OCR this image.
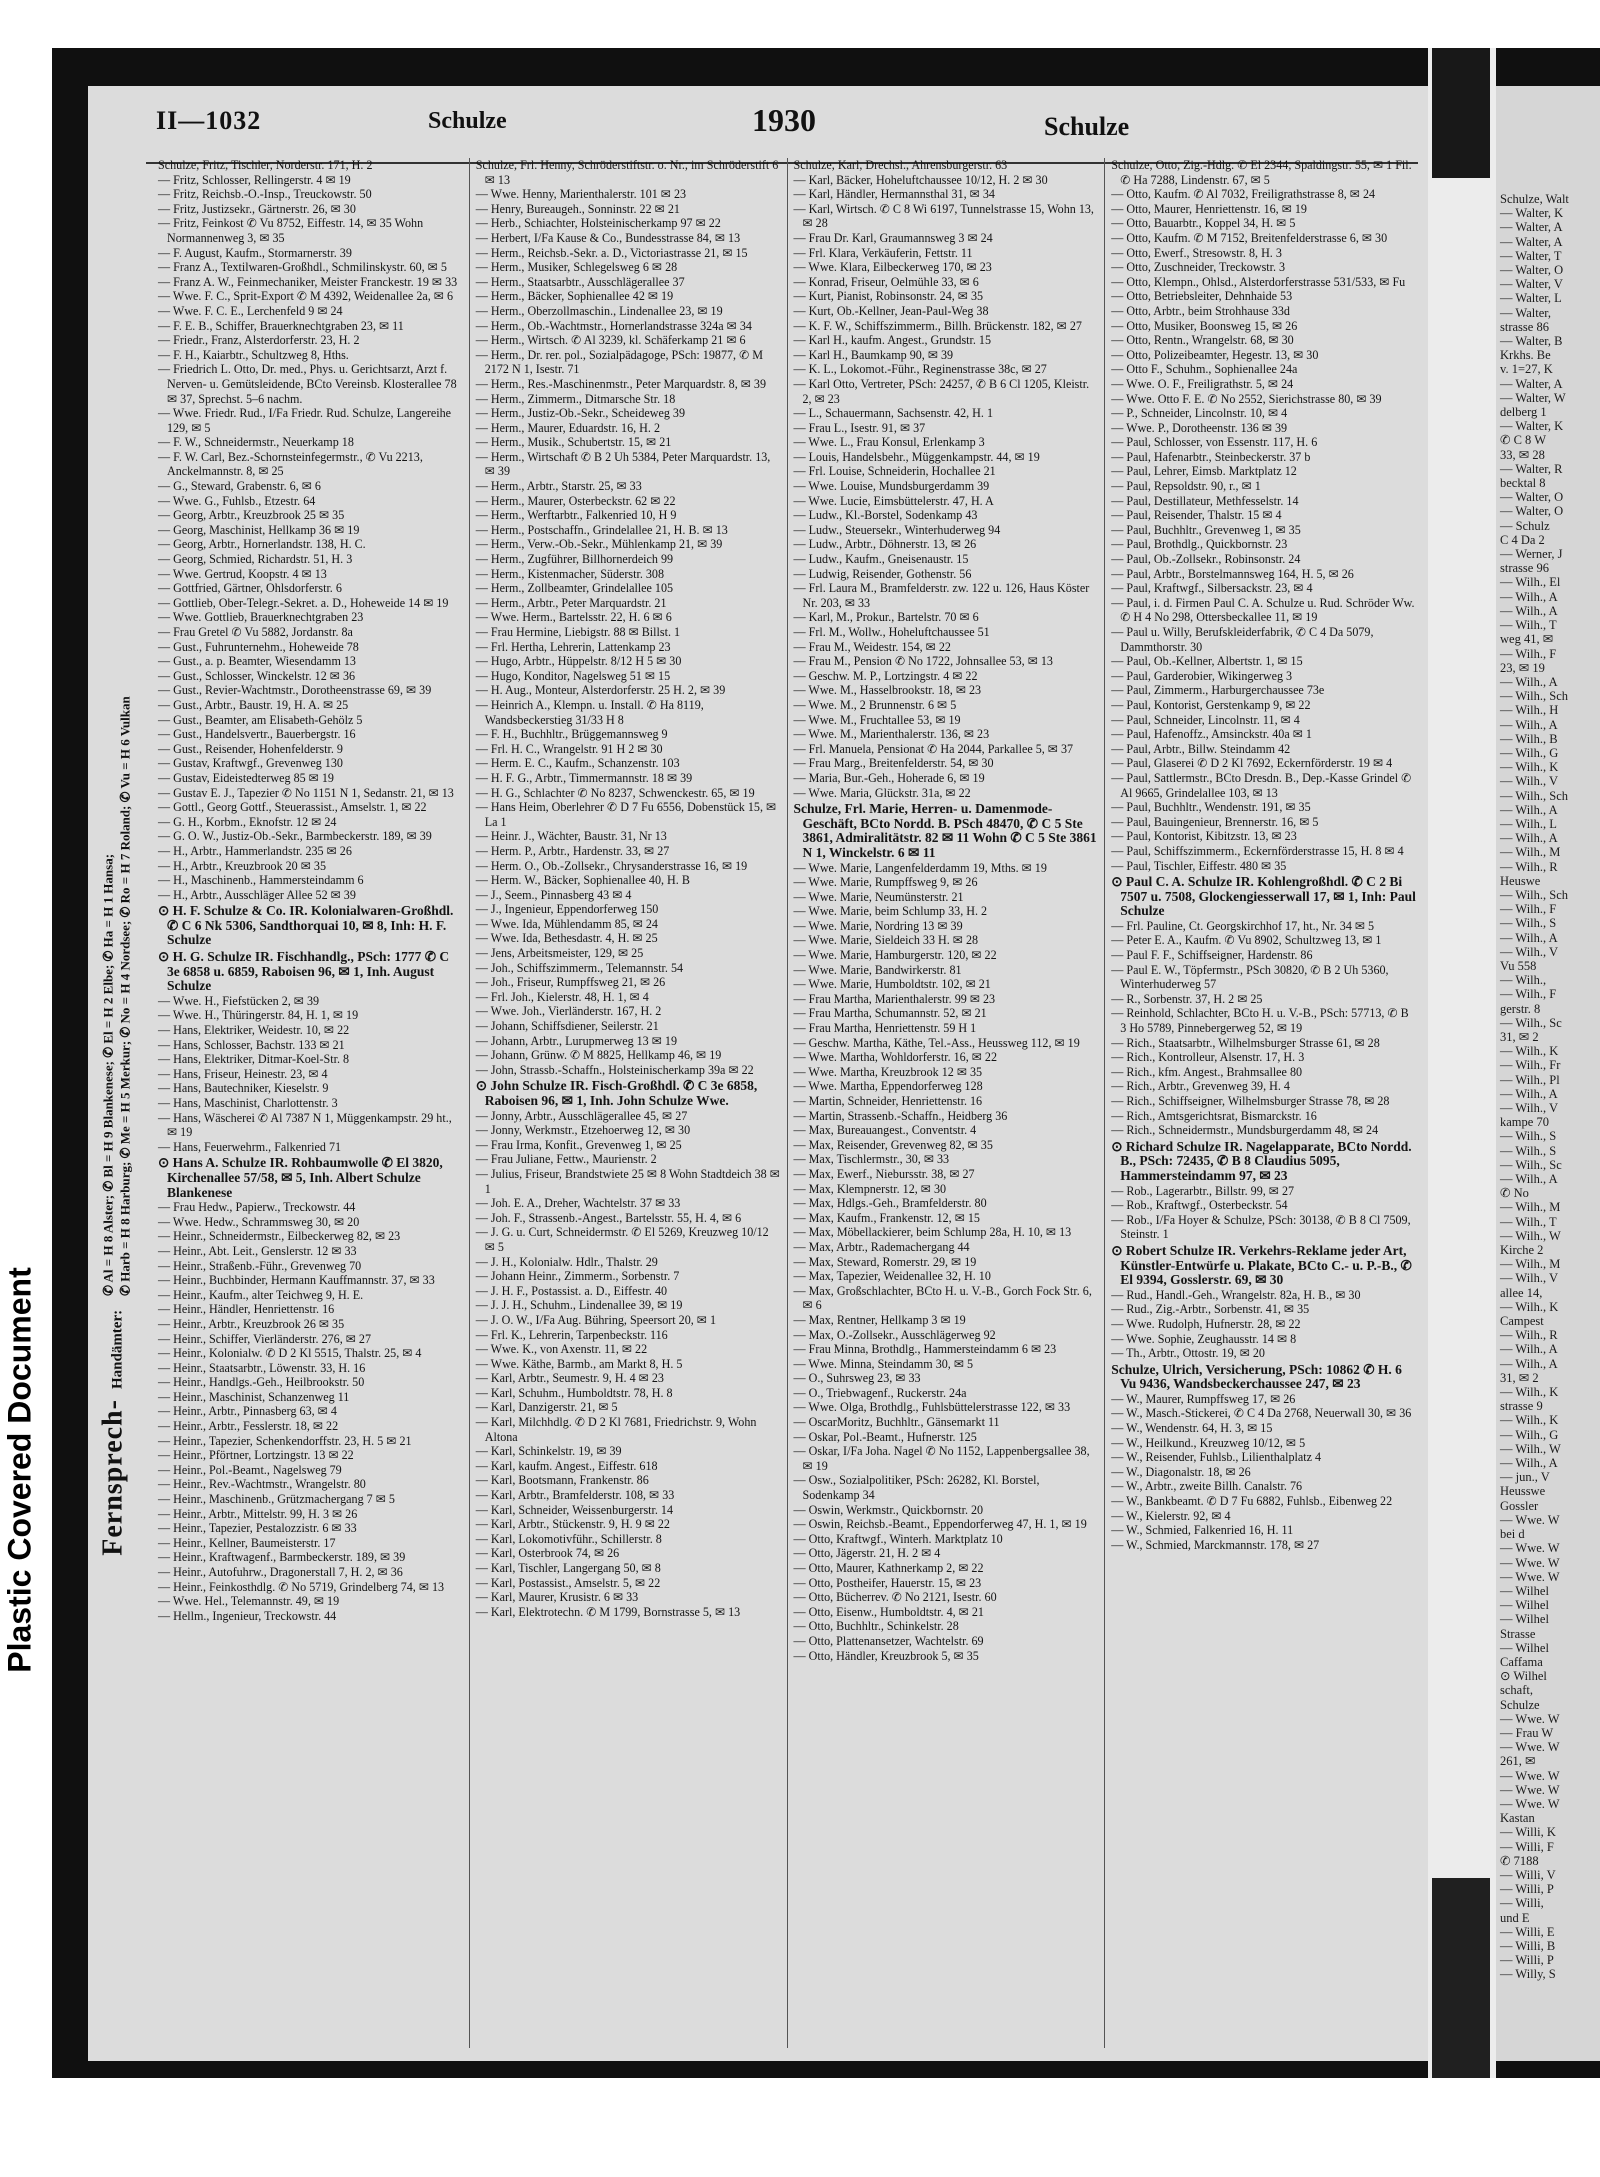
Plastic Covered Document
II—1032	Schulze	1930	Schulze
Fernsprech- Handämter:
✆ Al = H 8 Alster; ✆ Bl = H 9 Blankenese; ✆ El = H 2 Elbe; ✆ Ha = H 1 Hansa; ✆ Harb = H 8 Harburg; ✆ Me = H 5 Merkur; ✆ No = H 4 Nordsee; ✆ Ro = H 7 Roland; ✆ Vu = H 6 Vulkan

Schulze, Fritz, Tischler, Norderstr. 171, H. 2

— Fritz, Schlosser, Rellingerstr. 4 ✉ 19

— Fritz, Reichsb.-O.-Insp., Treuckowstr. 50

— Fritz, Justizsekr., Gärtnerstr. 26, ✉ 30

— Fritz, Feinkost ✆ Vu 8752, Eiffestr. 14, ✉ 35 Wohn Normannenweg 3, ✉ 35

— F. August, Kaufm., Stormarnerstr. 39

— Franz A., Textilwaren-Großhdl., Schmilinskystr. 60, ✉ 5

— Franz A. W., Feinmechaniker, Meister Franckestr. 19 ✉ 33

— Wwe. F. C., Sprit-Export ✆ M 4392, Weidenallee 2a, ✉ 6

— Wwe. F. C. E., Lerchenfeld 9 ✉ 24

— F. E. B., Schiffer, Brauerknechtgraben 23, ✉ 11

— Friedr., Franz, Alsterdorferstr. 23, H. 2

— F. H., Kaiarbtr., Schultzweg 8, Hths.

— Friedrich L. Otto, Dr. med., Phys. u. Gerichtsarzt, Arzt f. Nerven- u. Gemütsleidende, BCto Vereinsb. Klosterallee 78 ✉ 37, Sprechst. 5–6 nachm.

— Wwe. Friedr. Rud., I/Fa Friedr. Rud. Schulze, Langereihe 129, ✉ 5

— F. W., Schneidermstr., Neuerkamp 18

— F. W. Carl, Bez.-Schornsteinfegermstr., ✆ Vu 2213, Anckelmannstr. 8, ✉ 25

— G., Steward, Grabenstr. 6, ✉ 6

— Wwe. G., Fuhlsb., Etzestr. 64

— Georg, Arbtr., Kreuzbrook 25 ✉ 35

— Georg, Maschinist, Hellkamp 36 ✉ 19

— Georg, Arbtr., Hornerlandstr. 138, H. C.

— Georg, Schmied, Richardstr. 51, H. 3

— Wwe. Gertrud, Koopstr. 4 ✉ 13

— Gottfried, Gärtner, Ohlsdorferstr. 6

— Gottlieb, Ober-Telegr.-Sekret. a. D., Hoheweide 14 ✉ 19

— Wwe. Gottlieb, Brauerknechtgraben 23

— Frau Gretel ✆ Vu 5882, Jordanstr. 8a

— Gust., Fuhrunternehm., Hoheweide 78

— Gust., a. p. Beamter, Wiesendamm 13

— Gust., Schlosser, Winckelstr. 12 ✉ 36

— Gust., Revier-Wachtmstr., Dorotheenstrasse 69, ✉ 39

— Gust., Arbtr., Baustr. 19, H. A. ✉ 25

— Gust., Beamter, am Elisabeth-Gehölz 5

— Gust., Handelsvertr., Bauerbergstr. 16

— Gust., Reisender, Hohenfelderstr. 9

— Gustav, Kraftwgf., Grevenweg 130

— Gustav, Eideistedterweg 85 ✉ 19

— Gustav E. J., Tapezier ✆ No 1151 N 1, Sedanstr. 21, ✉ 13

— Gottl., Georg Gottf., Steuerassist., Amselstr. 1, ✉ 22

— G. H., Korbm., Eknofstr. 12 ✉ 24

— G. O. W., Justiz-Ob.-Sekr., Barmbeckerstr. 189, ✉ 39

— H., Arbtr., Hammerlandstr. 235 ✉ 26

— H., Arbtr., Kreuzbrook 20 ✉ 35

— H., Maschinenb., Hammersteindamm 6

— H., Arbtr., Ausschläger Allee 52 ✉ 39

⊙ H. F. Schulze & Co. IR. Kolonialwaren-Großhdl. ✆ C 6 Nk 5306, Sandthorquai 10, ✉ 8, Inh: H. F. Schulze

⊙ H. G. Schulze IR. Fischhandlg., PSch: 1777 ✆ C 3e 6858 u. 6859, Raboisen 96, ✉ 1, Inh. August Schulze

— Wwe. H., Fiefstücken 2, ✉ 39

— Wwe. H., Thüringerstr. 84, H. 1, ✉ 19

— Hans, Elektriker, Weidestr. 10, ✉ 22

— Hans, Schlosser, Bachstr. 133 ✉ 21

— Hans, Elektriker, Ditmar-Koel-Str. 8

— Hans, Friseur, Heinestr. 23, ✉ 4

— Hans, Bautechniker, Kieselstr. 9

— Hans, Maschinist, Charlottenstr. 3

— Hans, Wäscherei ✆ Al 7387 N 1, Müggenkampstr. 29 ht., ✉ 19

— Hans, Feuerwehrm., Falkenried 71

⊙ Hans A. Schulze IR. Rohbaumwolle ✆ El 3820, Kirchenallee 57/58, ✉ 5, Inh. Albert Schulze Blankenese

— Frau Hedw., Papierw., Treckowstr. 44

— Wwe. Hedw., Schrammsweg 30, ✉ 20

— Heinr., Schneidermstr., Eilbeckerweg 82, ✉ 23

— Heinr., Abt. Leit., Genslerstr. 12 ✉ 33

— Heinr., Straßenb.-Führ., Grevenweg 70

— Heinr., Buchbinder, Hermann Kauffmannstr. 37, ✉ 33

— Heinr., Kaufm., alter Teichweg 9, H. E.

— Heinr., Händler, Henriettenstr. 16

— Heinr., Arbtr., Kreuzbrook 26 ✉ 35

— Heinr., Schiffer, Vierländerstr. 276, ✉ 27

— Heinr., Kolonialw. ✆ D 2 Kl 5515, Thalstr. 25, ✉ 4

— Heinr., Staatsarbtr., Löwenstr. 33, H. 16

— Heinr., Handlgs.-Geh., Heilbrookstr. 50

— Heinr., Maschinist, Schanzenweg 11

— Heinr., Arbtr., Pinnasberg 63, ✉ 4

— Heinr., Arbtr., Fesslerstr. 18, ✉ 22

— Heinr., Tapezier, Schenkendorffstr. 23, H. 5 ✉ 21

— Heinr., Pförtner, Lortzingstr. 13 ✉ 22

— Heinr., Pol.-Beamt., Nagelsweg 79

— Heinr., Rev.-Wachtmstr., Wrangelstr. 80

— Heinr., Maschinenb., Grützmachergang 7 ✉ 5

— Heinr., Arbtr., Mittelstr. 99, H. 3 ✉ 26

— Heinr., Tapezier, Pestalozzistr. 6 ✉ 33

— Heinr., Kellner, Baumeisterstr. 17

— Heinr., Kraftwagenf., Barmbeckerstr. 189, ✉ 39

— Heinr., Autofuhrw., Dragonerstall 7, H. 2, ✉ 36

— Heinr., Feinkosthdlg. ✆ No 5719, Grindelberg 74, ✉ 13

— Wwe. Hel., Telemannstr. 49, ✉ 19

— Hellm., Ingenieur, Treckowstr. 44

Schulze, Frl. Henny, Schröderstiftstr. o. Nr., im Schröderstift 6 ✉ 13

— Wwe. Henny, Marienthalerstr. 101 ✉ 23

— Henry, Bureaugeh., Sonninstr. 22 ✉ 21

— Herb., Schiachter, Holsteinischerkamp 97 ✉ 22

— Herbert, I/Fa Kause & Co., Bundesstrasse 84, ✉ 13

— Herm., Reichsb.-Sekr. a. D., Victoriastrasse 21, ✉ 15

— Herm., Musiker, Schlegelsweg 6 ✉ 28

— Herm., Staatsarbtr., Ausschlägerallee 37

— Herm., Bäcker, Sophienallee 42 ✉ 19

— Herm., Oberzollmaschin., Lindenallee 23, ✉ 19

— Herm., Ob.-Wachtmstr., Hornerlandstrasse 324a ✉ 34

— Herm., Wirtsch. ✆ Al 3239, kl. Schäferkamp 21 ✉ 6

— Herm., Dr. rer. pol., Sozialpädagoge, PSch: 19877, ✆ M 2172 N 1, Isestr. 71

— Herm., Res.-Maschinenmstr., Peter Marquardstr. 8, ✉ 39

— Herm., Zimmerm., Ditmarsche Str. 18

— Herm., Justiz-Ob.-Sekr., Scheideweg 39

— Herm., Maurer, Eduardstr. 16, H. 2

— Herm., Musik., Schubertstr. 15, ✉ 21

— Herm., Wirtschaft ✆ B 2 Uh 5384, Peter Marquardstr. 13, ✉ 39

— Herm., Arbtr., Starstr. 25, ✉ 33

— Herm., Maurer, Osterbeckstr. 62 ✉ 22

— Herm., Werftarbtr., Falkenried 10, H 9

— Herm., Postschaffn., Grindelallee 21, H. B. ✉ 13

— Herm., Verw.-Ob.-Sekr., Mühlenkamp 21, ✉ 39

— Herm., Zugführer, Billhornerdeich 99

— Herm., Kistenmacher, Süderstr. 308

— Herm., Zollbeamter, Grindelallee 105

— Herm., Arbtr., Peter Marquardstr. 21

— Wwe. Herm., Bartelsstr. 22, H. 6 ✉ 6

— Frau Hermine, Liebigstr. 88 ✉ Billst. 1

— Frl. Hertha, Lehrerin, Lattenkamp 23

— Hugo, Arbtr., Hüppelstr. 8/12 H 5 ✉ 30

— Hugo, Konditor, Nagelsweg 51 ✉ 15

— H. Aug., Monteur, Alsterdorferstr. 25 H. 2, ✉ 39

— Heinrich A., Klempn. u. Install. ✆ Ha 8119, Wandsbeckerstieg 31/33 H 8

— F. H., Buchhltr., Brüggemannsweg 9

— Frl. H. C., Wrangelstr. 91 H 2 ✉ 30

— Herm. E. C., Kaufm., Schanzenstr. 103

— H. F. G., Arbtr., Timmermannstr. 18 ✉ 39

— H. G., Schlachter ✆ No 8237, Schwenckestr. 65, ✉ 19

— Hans Heim, Oberlehrer ✆ D 7 Fu 6556, Dobenstück 15, ✉ La 1

— Heinr. J., Wächter, Baustr. 31, Nr 13

— Herm. P., Arbtr., Hardenstr. 33, ✉ 27

— Herm. O., Ob.-Zollsekr., Chrysanderstrasse 16, ✉ 19

— Herm. W., Bäcker, Sophienallee 40, H. B

— J., Seem., Pinnasberg 43 ✉ 4

— J., Ingenieur, Eppendorferweg 150

— Wwe. Ida, Mühlendamm 85, ✉ 24

— Wwe. Ida, Bethesdastr. 4, H. ✉ 25

— Jens, Arbeitsmeister, 129, ✉ 25

— Joh., Schiffszimmerm., Telemannstr. 54

— Joh., Friseur, Rumpffsweg 21, ✉ 26

— Frl. Joh., Kielerstr. 48, H. 1, ✉ 4

— Wwe. Joh., Vierländerstr. 167, H. 2

— Johann, Schiffsdiener, Seilerstr. 21

— Johann, Arbtr., Lurupmerweg 13 ✉ 19

— Johann, Grünw. ✆ M 8825, Hellkamp 46, ✉ 19

— John, Strassb.-Schaffn., Holsteinischerkamp 39a ✉ 22

⊙ John Schulze IR. Fisch-Großhdl. ✆ C 3e 6858, Raboisen 96, ✉ 1, Inh. John Schulze Wwe.

— Jonny, Arbtr., Ausschlägerallee 45, ✉ 27

— Jonny, Werkmstr., Etzehoerweg 12, ✉ 30

— Frau Irma, Konfit., Grevenweg 1, ✉ 25

— Frau Juliane, Fettw., Maurienstr. 2

— Julius, Friseur, Brandstwiete 25 ✉ 8 Wohn Stadtdeich 38 ✉ 1

— Joh. E. A., Dreher, Wachtelstr. 37 ✉ 33

— Joh. F., Strassenb.-Angest., Bartelsstr. 55, H. 4, ✉ 6

— J. G. u. Curt, Schneidermstr. ✆ El 5269, Kreuzweg 10/12 ✉ 5

— J. H., Kolonialw. Hdlr., Thalstr. 29

— Johann Heinr., Zimmerm., Sorbenstr. 7

— J. H. F., Postassist. a. D., Eiffestr. 40

— J. J. H., Schuhm., Lindenallee 39, ✉ 19

— J. O. W., I/Fa Aug. Bühring, Speersort 20, ✉ 1

— Frl. K., Lehrerin, Tarpenbeckstr. 116

— Wwe. K., von Axenstr. 11, ✉ 22

— Wwe. Käthe, Barmb., am Markt 8, H. 5

— Karl, Arbtr., Seumestr. 9, H. 4 ✉ 23

— Karl, Schuhm., Humboldtstr. 78, H. 8

— Karl, Danzigerstr. 21, ✉ 5

— Karl, Milchhdlg. ✆ D 2 Kl 7681, Friedrichstr. 9, Wohn Altona

— Karl, Schinkelstr. 19, ✉ 39

— Karl, kaufm. Angest., Eiffestr. 618

— Karl, Bootsmann, Frankenstr. 86

— Karl, Arbtr., Bramfelderstr. 108, ✉ 33

— Karl, Schneider, Weissenburgerstr. 14

— Karl, Arbtr., Stückenstr. 9, H. 9 ✉ 22

— Karl, Lokomotivführ., Schillerstr. 8

— Karl, Osterbrook 74, ✉ 26

— Karl, Tischler, Langergang 50, ✉ 8

— Karl, Postassist., Amselstr. 5, ✉ 22

— Karl, Maurer, Krusistr. 6 ✉ 33

— Karl, Elektrotechn. ✆ M 1799, Bornstrasse 5, ✉ 13

Schulze, Karl, Drechsl., Ahrensburgerstr. 63

— Karl, Bäcker, Hoheluftchaussee 10/12, H. 2 ✉ 30

— Karl, Händler, Hermannsthal 31, ✉ 34

— Karl, Wirtsch. ✆ C 8 Wi 6197, Tunnelstrasse 15, Wohn 13, ✉ 28

— Frau Dr. Karl, Graumannsweg 3 ✉ 24

— Frl. Klara, Verkäuferin, Fettstr. 11

— Wwe. Klara, Eilbeckerweg 170, ✉ 23

— Konrad, Friseur, Oelmühle 33, ✉ 6

— Kurt, Pianist, Robinsonstr. 24, ✉ 35

— Kurt, Ob.-Kellner, Jean-Paul-Weg 38

— K. F. W., Schiffszimmerm., Billh. Brückenstr. 182, ✉ 27

— Karl H., kaufm. Angest., Grundstr. 15

— Karl H., Baumkamp 90, ✉ 39

— K. L., Lokomot.-Führ., Reginenstrasse 38c, ✉ 27

— Karl Otto, Vertreter, PSch: 24257, ✆ B 6 Cl 1205, Kleistr. 2, ✉ 23

— L., Schauermann, Sachsenstr. 42, H. 1

— Frau L., Isestr. 91, ✉ 37

— Wwe. L., Frau Konsul, Erlenkamp 3

— Louis, Handelsbehr., Müggenkampstr. 44, ✉ 19

— Frl. Louise, Schneiderin, Hochallee 21

— Wwe. Louise, Mundsburgerdamm 39

— Wwe. Lucie, Eimsbüttelerstr. 47, H. A

— Ludw., Kl.-Borstel, Sodenkamp 43

— Ludw., Steuersekr., Winterhuderweg 94

— Ludw., Arbtr., Döhnerstr. 13, ✉ 26

— Ludw., Kaufm., Gneisenaustr. 15

— Ludwig, Reisender, Gothenstr. 56

— Frl. Laura M., Bramfelderstr. zw. 122 u. 126, Haus Köster Nr. 203, ✉ 33

— Karl, M., Prokur., Bartelstr. 70 ✉ 6

— Frl. M., Wollw., Hoheluftchaussee 51

— Frau M., Weidestr. 154, ✉ 22

— Frau M., Pension ✆ No 1722, Johnsallee 53, ✉ 13

— Geschw. M. P., Lortzingstr. 4 ✉ 22

— Wwe. M., Hasselbrookstr. 18, ✉ 23

— Wwe. M., 2 Brunnenstr. 6 ✉ 5

— Wwe. M., Fruchtallee 53, ✉ 19

— Wwe. M., Marienthalerstr. 136, ✉ 23

— Frl. Manuela, Pensionat ✆ Ha 2044, Parkallee 5, ✉ 37

— Frau Marg., Breitenfelderstr. 54, ✉ 30

— Maria, Bur.-Geh., Hoherade 6, ✉ 19

— Wwe. Maria, Glückstr. 31a, ✉ 22

Schulze, Frl. Marie, Herren- u. Damenmode-Geschäft, BCto Nordd. B. PSch 48470, ✆ C 5 Ste 3861, Admiralitätstr. 82 ✉ 11 Wohn ✆ C 5 Ste 3861 N 1, Winckelstr. 6 ✉ 11

— Wwe. Marie, Langenfelderdamm 19, Mths. ✉ 19

— Wwe. Marie, Rumpffsweg 9, ✉ 26

— Wwe. Marie, Neumünsterstr. 21

— Wwe. Marie, beim Schlump 33, H. 2

— Wwe. Marie, Nordring 13 ✉ 39

— Wwe. Marie, Sieldeich 33 H. ✉ 28

— Wwe. Marie, Hamburgerstr. 120, ✉ 22

— Wwe. Marie, Bandwirkerstr. 81

— Wwe. Marie, Humboldtstr. 102, ✉ 21

— Frau Martha, Marienthalerstr. 99 ✉ 23

— Frau Martha, Schumannstr. 52, ✉ 21

— Frau Martha, Henriettenstr. 59 H 1

— Geschw. Martha, Käthe, Tel.-Ass., Heussweg 112, ✉ 19

— Wwe. Martha, Wohldorferstr. 16, ✉ 22

— Wwe. Martha, Kreuzbrook 12 ✉ 35

— Wwe. Martha, Eppendorferweg 128

— Martin, Schneider, Henriettenstr. 16

— Martin, Strassenb.-Schaffn., Heidberg 36

— Max, Bureauangest., Conventstr. 4

— Max, Reisender, Grevenweg 82, ✉ 35

— Max, Tischlermstr., 30, ✉ 33

— Max, Ewerf., Niebursstr. 38, ✉ 27

— Max, Klempnerstr. 12, ✉ 30

— Max, Hdlgs.-Geh., Bramfelderstr. 80

— Max, Kaufm., Frankenstr. 12, ✉ 15

— Max, Möbellackierer, beim Schlump 28a, H. 10, ✉ 13

— Max, Arbtr., Rademachergang 44

— Max, Steward, Romerstr. 29, ✉ 19

— Max, Tapezier, Weidenallee 32, H. 10

— Max, Großschlachter, BCto H. u. V.-B., Gorch Fock Str. 6, ✉ 6

— Max, Rentner, Hellkamp 3 ✉ 19

— Max, O.-Zollsekr., Ausschlägerweg 92

— Frau Minna, Brothdlg., Hammersteindamm 6 ✉ 23

— Wwe. Minna, Steindamm 30, ✉ 5

— O., Suhrsweg 23, ✉ 33

— O., Triebwagenf., Ruckerstr. 24a

— Wwe. Olga, Brothdlg., Fuhlsbüttelerstrasse 122, ✉ 33

— OscarMoritz, Buchhltr., Gänsemarkt 11

— Oskar, Pol.-Beamt., Hufnerstr. 125

— Oskar, I/Fa Joha. Nagel ✆ No 1152, Lappenbergsallee 38, ✉ 19

— Osw., Sozialpolitiker, PSch: 26282, Kl. Borstel, Sodenkamp 34

— Oswin, Werkmstr., Quickbornstr. 20

— Oswin, Reichsb.-Beamt., Eppendorferweg 47, H. 1, ✉ 19

— Otto, Kraftwgf., Winterh. Marktplatz 10

— Otto, Jägerstr. 21, H. 2 ✉ 4

— Otto, Maurer, Kathnerkamp 2, ✉ 22

— Otto, Postheifer, Hauerstr. 15, ✉ 23

— Otto, Bücherrev. ✆ No 2121, Isestr. 60

— Otto, Eisenw., Humboldtstr. 4, ✉ 21

— Otto, Buchhltr., Schinkelstr. 28

— Otto, Plattenansetzer, Wachtelstr. 69

— Otto, Händler, Kreuzbrook 5, ✉ 35

Schulze, Otto, Zig.-Hdlg. ✆ El 2344, Spaldingstr. 55, ✉ 1 Fil. ✆ Ha 7288, Lindenstr. 67, ✉ 5

— Otto, Kaufm. ✆ Al 7032, Freiligrathstrasse 8, ✉ 24

— Otto, Maurer, Henriettenstr. 16, ✉ 19

— Otto, Bauarbtr., Koppel 34, H. ✉ 5

— Otto, Kaufm. ✆ M 7152, Breitenfelderstrasse 6, ✉ 30

— Otto, Ewerf., Stresowstr. 8, H. 3

— Otto, Zuschneider, Treckowstr. 3

— Otto, Klempn., Ohlsd., Alsterdorferstrasse 531/533, ✉ Fu

— Otto, Betriebsleiter, Dehnhaide 53

— Otto, Arbtr., beim Strohhause 33d

— Otto, Musiker, Boonsweg 15, ✉ 26

— Otto, Rentn., Wrangelstr. 68, ✉ 30

— Otto, Polizeibeamter, Hegestr. 13, ✉ 30

— Otto F., Schuhm., Sophienallee 24a

— Wwe. O. F., Freiligrathstr. 5, ✉ 24

— Wwe. Otto F. E. ✆ No 2552, Sierichstrasse 80, ✉ 39

— P., Schneider, Lincolnstr. 10, ✉ 4

— Wwe. P., Dorotheenstr. 136 ✉ 39

— Paul, Schlosser, von Essenstr. 117, H. 6

— Paul, Hafenarbtr., Steinbeckerstr. 37 b

— Paul, Lehrer, Eimsb. Marktplatz 12

— Paul, Repsoldstr. 90, r., ✉ 1

— Paul, Destillateur, Methfesselstr. 14

— Paul, Reisender, Thalstr. 15 ✉ 4

— Paul, Buchhltr., Grevenweg 1, ✉ 35

— Paul, Brothdlg., Quickbornstr. 23

— Paul, Ob.-Zollsekr., Robinsonstr. 24

— Paul, Arbtr., Borstelmannsweg 164, H. 5, ✉ 26

— Paul, Kraftwgf., Silbersackstr. 23, ✉ 4

— Paul, i. d. Firmen Paul C. A. Schulze u. Rud. Schröder Ww. ✆ H 4 No 298, Ottersbeckallee 11, ✉ 19

— Paul u. Willy, Berufskleiderfabrik, ✆ C 4 Da 5079, Dammthorstr. 30

— Paul, Ob.-Kellner, Albertstr. 1, ✉ 15

— Paul, Garderobier, Wikingerweg 3

— Paul, Zimmerm., Harburgerchaussee 73e

— Paul, Kontorist, Gerstenkamp 9, ✉ 22

— Paul, Schneider, Lincolnstr. 11, ✉ 4

— Paul, Hafenoffz., Amsinckstr. 40a ✉ 1

— Paul, Arbtr., Billw. Steindamm 42

— Paul, Glaserei ✆ D 2 Kl 7692, Eckernförderstr. 19 ✉ 4

— Paul, Sattlermstr., BCto Dresdn. B., Dep.-Kasse Grindel ✆ Al 9665, Grindelallee 103, ✉ 13

— Paul, Buchhltr., Wendenstr. 191, ✉ 35

— Paul, Bauingenieur, Brennerstr. 16, ✉ 5

— Paul, Kontorist, Kibitzstr. 13, ✉ 23

— Paul, Schiffszimmerm., Eckernförderstrasse 15, H. 8 ✉ 4

— Paul, Tischler, Eiffestr. 480 ✉ 35

⊙ Paul C. A. Schulze IR. Kohlengroßhdl. ✆ C 2 Bi 7507 u. 7508, Glockengiesserwall 17, ✉ 1, Inh: Paul Schulze

— Frl. Pauline, Ct. Georgskirchhof 17, ht., Nr. 34 ✉ 5

— Peter E. A., Kaufm. ✆ Vu 8902, Schultzweg 13, ✉ 1

— Paul F. F., Schiffseigner, Hardenstr. 86

— Paul E. W., Töpfermstr., PSch 30820, ✆ B 2 Uh 5360, Winterhuderweg 57

— R., Sorbenstr. 37, H. 2 ✉ 25

— Reinhold, Schlachter, BCto H. u. V.-B., PSch: 57713, ✆ B 3 Ho 5789, Pinnebergerweg 52, ✉ 19

— Rich., Staatsarbtr., Wilhelmsburger Strasse 61, ✉ 28

— Rich., Kontrolleur, Alsenstr. 17, H. 3

— Rich., kfm. Angest., Brahmsallee 80

— Rich., Arbtr., Grevenweg 39, H. 4

— Rich., Schiffseigner, Wilhelmsburger Strasse 78, ✉ 28

— Rich., Amtsgerichtsrat, Bismarckstr. 16

— Rich., Schneidermstr., Mundsburgerdamm 48, ✉ 24

⊙ Richard Schulze IR. Nagelapparate, BCto Nordd. B., PSch: 72435, ✆ B 8 Claudius 5095, Hammersteindamm 97, ✉ 23

— Rob., Lagerarbtr., Billstr. 99, ✉ 27

— Rob., Kraftwgf., Osterbeckstr. 54

— Rob., I/Fa Hoyer & Schulze, PSch: 30138, ✆ B 8 Cl 7509, Steinstr. 1

⊙ Robert Schulze IR. Verkehrs-Reklame jeder Art, Künstler-Entwürfe u. Plakate, BCto C.- u. P.-B., ✆ El 9394, Gosslerstr. 69, ✉ 30

— Rud., Handl.-Geh., Wrangelstr. 82a, H. B., ✉ 30

— Rud., Zig.-Arbtr., Sorbenstr. 41, ✉ 35

— Wwe. Rudolph, Hufnerstr. 28, ✉ 22

— Wwe. Sophie, Zeughausstr. 14 ✉ 8

— Th., Arbtr., Ottostr. 19, ✉ 20

Schulze, Ulrich, Versicherung, PSch: 10862 ✆ H. 6 Vu 9436, Wandsbeckerchaussee 247, ✉ 23

— W., Maurer, Rumpffsweg 17, ✉ 26

— W., Masch.-Stickerei, ✆ C 4 Da 2768, Neuerwall 30, ✉ 36

— W., Wendenstr. 64, H. 3, ✉ 15

— W., Heilkund., Kreuzweg 10/12, ✉ 5

— W., Reisender, Fuhlsb., Lilienthalplatz 4

— W., Diagonalstr. 18, ✉ 26

— W., Arbtr., zweite Billh. Canalstr. 76

— W., Bankbeamt. ✆ D 7 Fu 6882, Fuhlsb., Eibenweg 22

— W., Kielerstr. 92, ✉ 4

— W., Schmied, Falkenried 16, H. 11

— W., Schmied, Marckmannstr. 178, ✉ 27

Schulze, Walt
— Walter, K
— Walter, A
— Walter, A
— Walter, T
— Walter, O
— Walter, V
— Walter, L
— Walter,
strasse 86
— Walter, B
Krkhs. Be
v. 1=27, K
— Walter, A
— Walter, W
delberg 1
— Walter, K
✆ C 8 W
33, ✉ 28
— Walter, R
becktal 8
— Walter, O
— Walter, O
— Schulz
C 4 Da 2
— Werner, J
strasse 96
— Wilh., El
— Wilh., A
— Wilh., A
— Wilh., T
weg 41, ✉
— Wilh., F
23, ✉ 19
— Wilh., A
— Wilh., Sch
— Wilh., H
— Wilh., A
— Wilh., B
— Wilh., G
— Wilh., K
— Wilh., V
— Wilh., Sch
— Wilh., A
— Wilh., L
— Wilh., A
— Wilh., M
— Wilh., R
Heuswe
— Wilh., Sch
— Wilh., F
— Wilh., S
— Wilh., A
— Wilh., V
Vu 558
— Wilh.,
— Wilh., F
gerstr. 8
— Wilh., Sc
31, ✉ 2
— Wilh., K
— Wilh., Fr
— Wilh., Pl
— Wilh., A
— Wilh., V
kampe 70
— Wilh., S
— Wilh., S
— Wilh., Sc
— Wilh., A
✆ No
— Wilh., M
— Wilh., T
— Wilh., W
Kirche 2
— Wilh., M
— Wilh., V
allee 14,
— Wilh., K
Campest
— Wilh., R
— Wilh., A
— Wilh., A
31, ✉ 2
— Wilh., K
strasse 9
— Wilh., K
— Wilh., G
— Wilh., W
— Wilh., A
— jun., V
Heusswe
Gossler
— Wwe. W
bei d
— Wwe. W
— Wwe. W
— Wwe. W
— Wilhel
— Wilhel
— Wilhel
Strasse
— Wilhel
Caffama
⊙ Wilhel
schaft,
Schulze
— Wwe. W
— Frau W
— Wwe. W
261, ✉
— Wwe. W
— Wwe. W
— Wwe. W
Kastan
— Willi, K
— Willi, F
✆ 7188
— Willi, V
— Willi, P
— Willi,
und E
— Willi, E
— Willi, B
— Willi, P
— Willy, S
